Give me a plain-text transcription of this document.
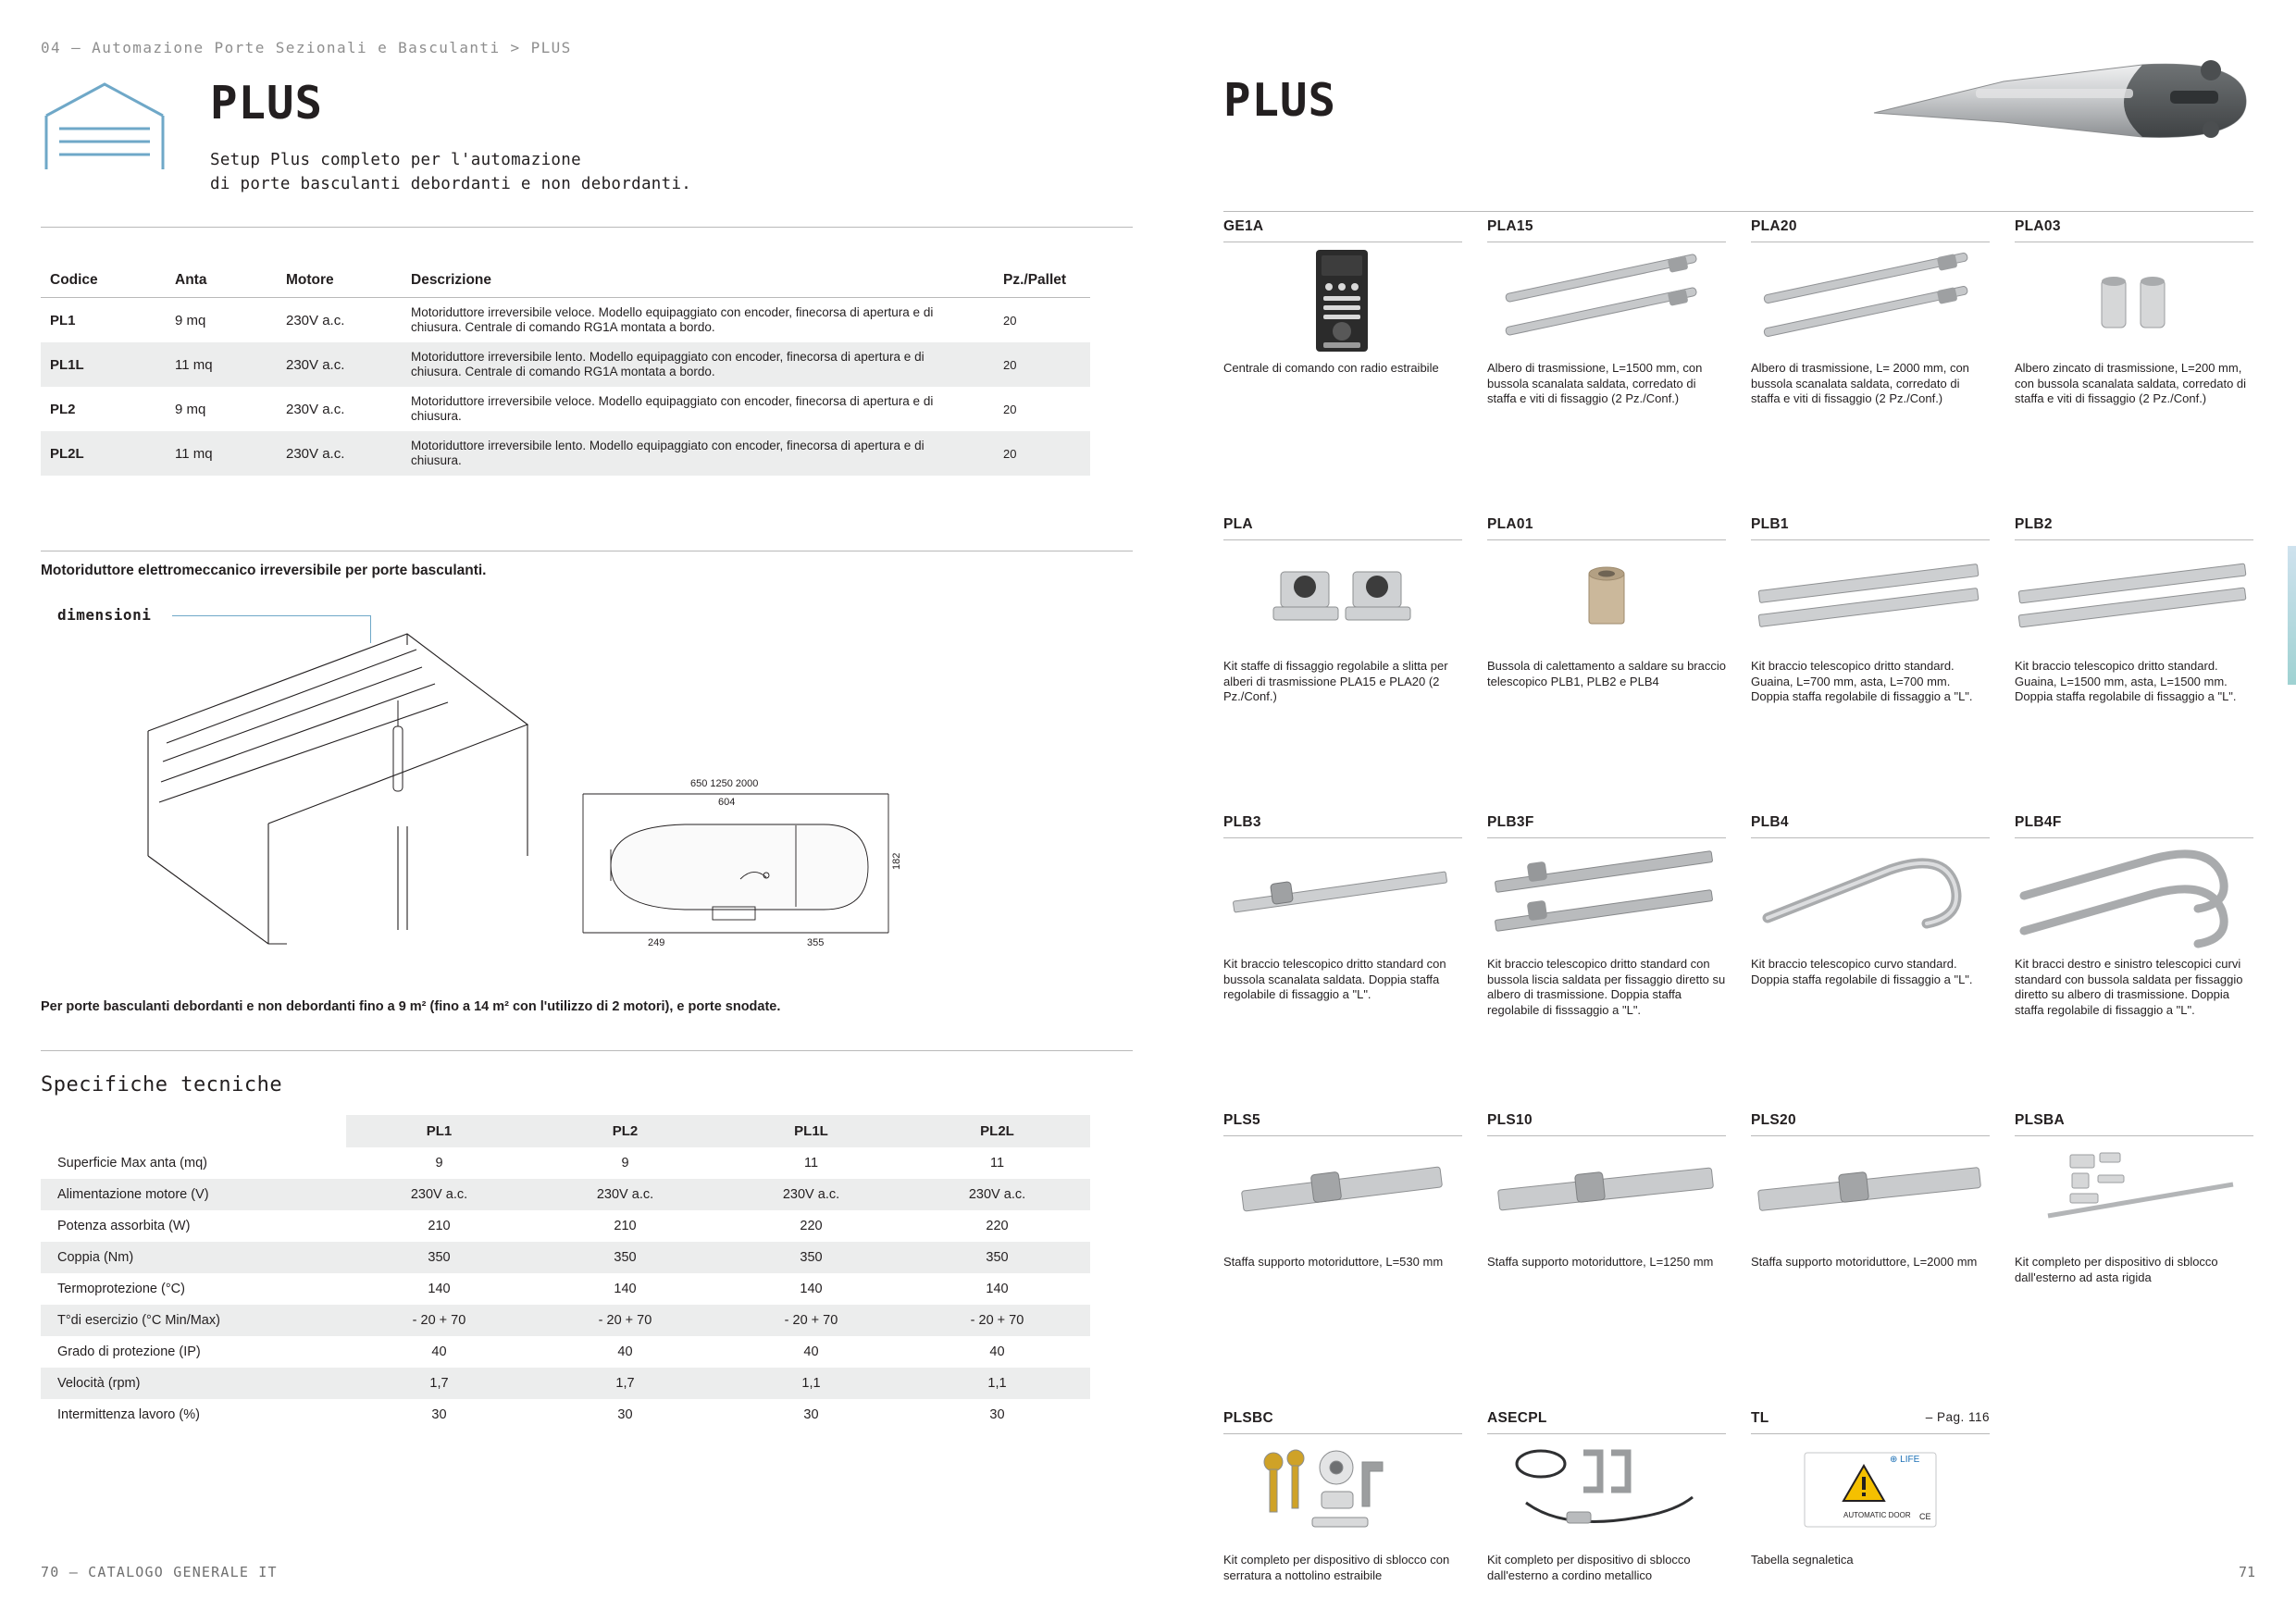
04 — Automazione Porte Sezionali e Basculanti > PLUS
PLUS
Setup Plus completo per l'automazione
di porte basculanti debordanti e non debordanti.
Codice	Anta	Motore	Descrizione	Pz./Pallet
PL1	9 mq	230V a.c.	Motoriduttore irreversibile veloce. Modello equipaggiato con encoder, finecorsa di apertura e di chiusura. Centrale di comando RG1A montata a bordo.	20
PL1L	11 mq	230V a.c.	Motoriduttore irreversibile lento. Modello equipaggiato con encoder, finecorsa di apertura e di chiusura. Centrale di comando RG1A montata a bordo.	20
PL2	9 mq	230V a.c.	Motoriduttore irreversibile veloce. Modello equipaggiato con encoder, finecorsa di apertura e di chiusura.	20
PL2L	11 mq	230V a.c.	Motoriduttore irreversibile lento. Modello equipaggiato con encoder, finecorsa di apertura e di chiusura.	20
Motoriduttore elettromeccanico irreversibile per porte basculanti.
dimensioni
650 1250 2000
604
249	355
182
Per porte basculanti debordanti e non debordanti fino a 9 m² (fino a 14 m² con l'utilizzo di 2 motori), e porte snodate.
Specifiche tecniche
	PL1	PL2	PL1L	PL2L
Superficie Max anta (mq)	9	9	11	11
Alimentazione motore (V)	230V a.c.	230V a.c.	230V a.c.	230V a.c.
Potenza assorbita (W)	210	210	220	220
Coppia (Nm)	350	350	350	350
Termoprotezione (°C)	140	140	140	140
T°di esercizio (°C Min/Max)	- 20 + 70	- 20 + 70	- 20 + 70	- 20 + 70
Grado di protezione (IP)	40	40	40	40
Velocità (rpm)	1,7	1,7	1,1	1,1
Intermittenza lavoro (%)	30	30	30	30
70 – CATALOGO GENERALE IT
PLUS
GE1A
Centrale di comando con radio estraibile
PLA15
Albero di trasmissione, L=1500 mm, con bussola scanalata saldata, corredato di staffa e viti di fissaggio (2 Pz./Conf.)
PLA20
Albero di trasmissione, L= 2000 mm, con bussola scanalata saldata, corredato di staffa e viti di fissaggio (2 Pz./Conf.)
PLA03
Albero zincato di trasmissione, L=200 mm, con bussola scanalata saldata, corredato di staffa e viti di fissaggio (2 Pz./Conf.)
PLA
Kit staffe di fissaggio regolabile a slitta per alberi di trasmissione PLA15 e PLA20 (2 Pz./Conf.)
PLA01
Bussola di calettamento a saldare su braccio telescopico PLB1, PLB2 e PLB4
PLB1
Kit braccio telescopico dritto standard. Guaina, L=700 mm, asta, L=700 mm. Doppia staffa regolabile di fissaggio a "L".
PLB2
Kit braccio telescopico dritto standard. Guaina, L=1500 mm, asta, L=1500 mm. Doppia staffa regolabile di fissaggio a "L".
PLB3
Kit braccio telescopico dritto standard con bussola scanalata saldata. Doppia staffa regolabile di fissaggio a "L".
PLB3F
Kit braccio telescopico dritto standard con bussola liscia saldata per fissaggio diretto su albero di trasmissione. Doppia staffa regolabile di fisssaggio a "L".
PLB4
Kit braccio telescopico curvo standard. Doppia staffa regolabile di fissaggio a "L".
PLB4F
Kit bracci destro e sinistro telescopici curvi standard con bussola saldata per fissaggio diretto su albero di trasmissione. Doppia staffa regolabile di fissaggio a "L".
PLS5
Staffa supporto motoriduttore, L=530 mm
PLS10
Staffa supporto motoriduttore, L=1250 mm
PLS20
Staffa supporto motoriduttore, L=2000 mm
PLSBA
Kit completo per dispositivo di sblocco dall'esterno ad asta rigida
PLSBC
Kit completo per dispositivo di sblocco con serratura a nottolino estraibile
ASECPL
Kit completo per dispositivo di sblocco dall'esterno a cordino metallico
TL	– Pag. 116
AUTOMATIC DOOR
⊕ LIFE
CE
Tabella segnaletica
71
